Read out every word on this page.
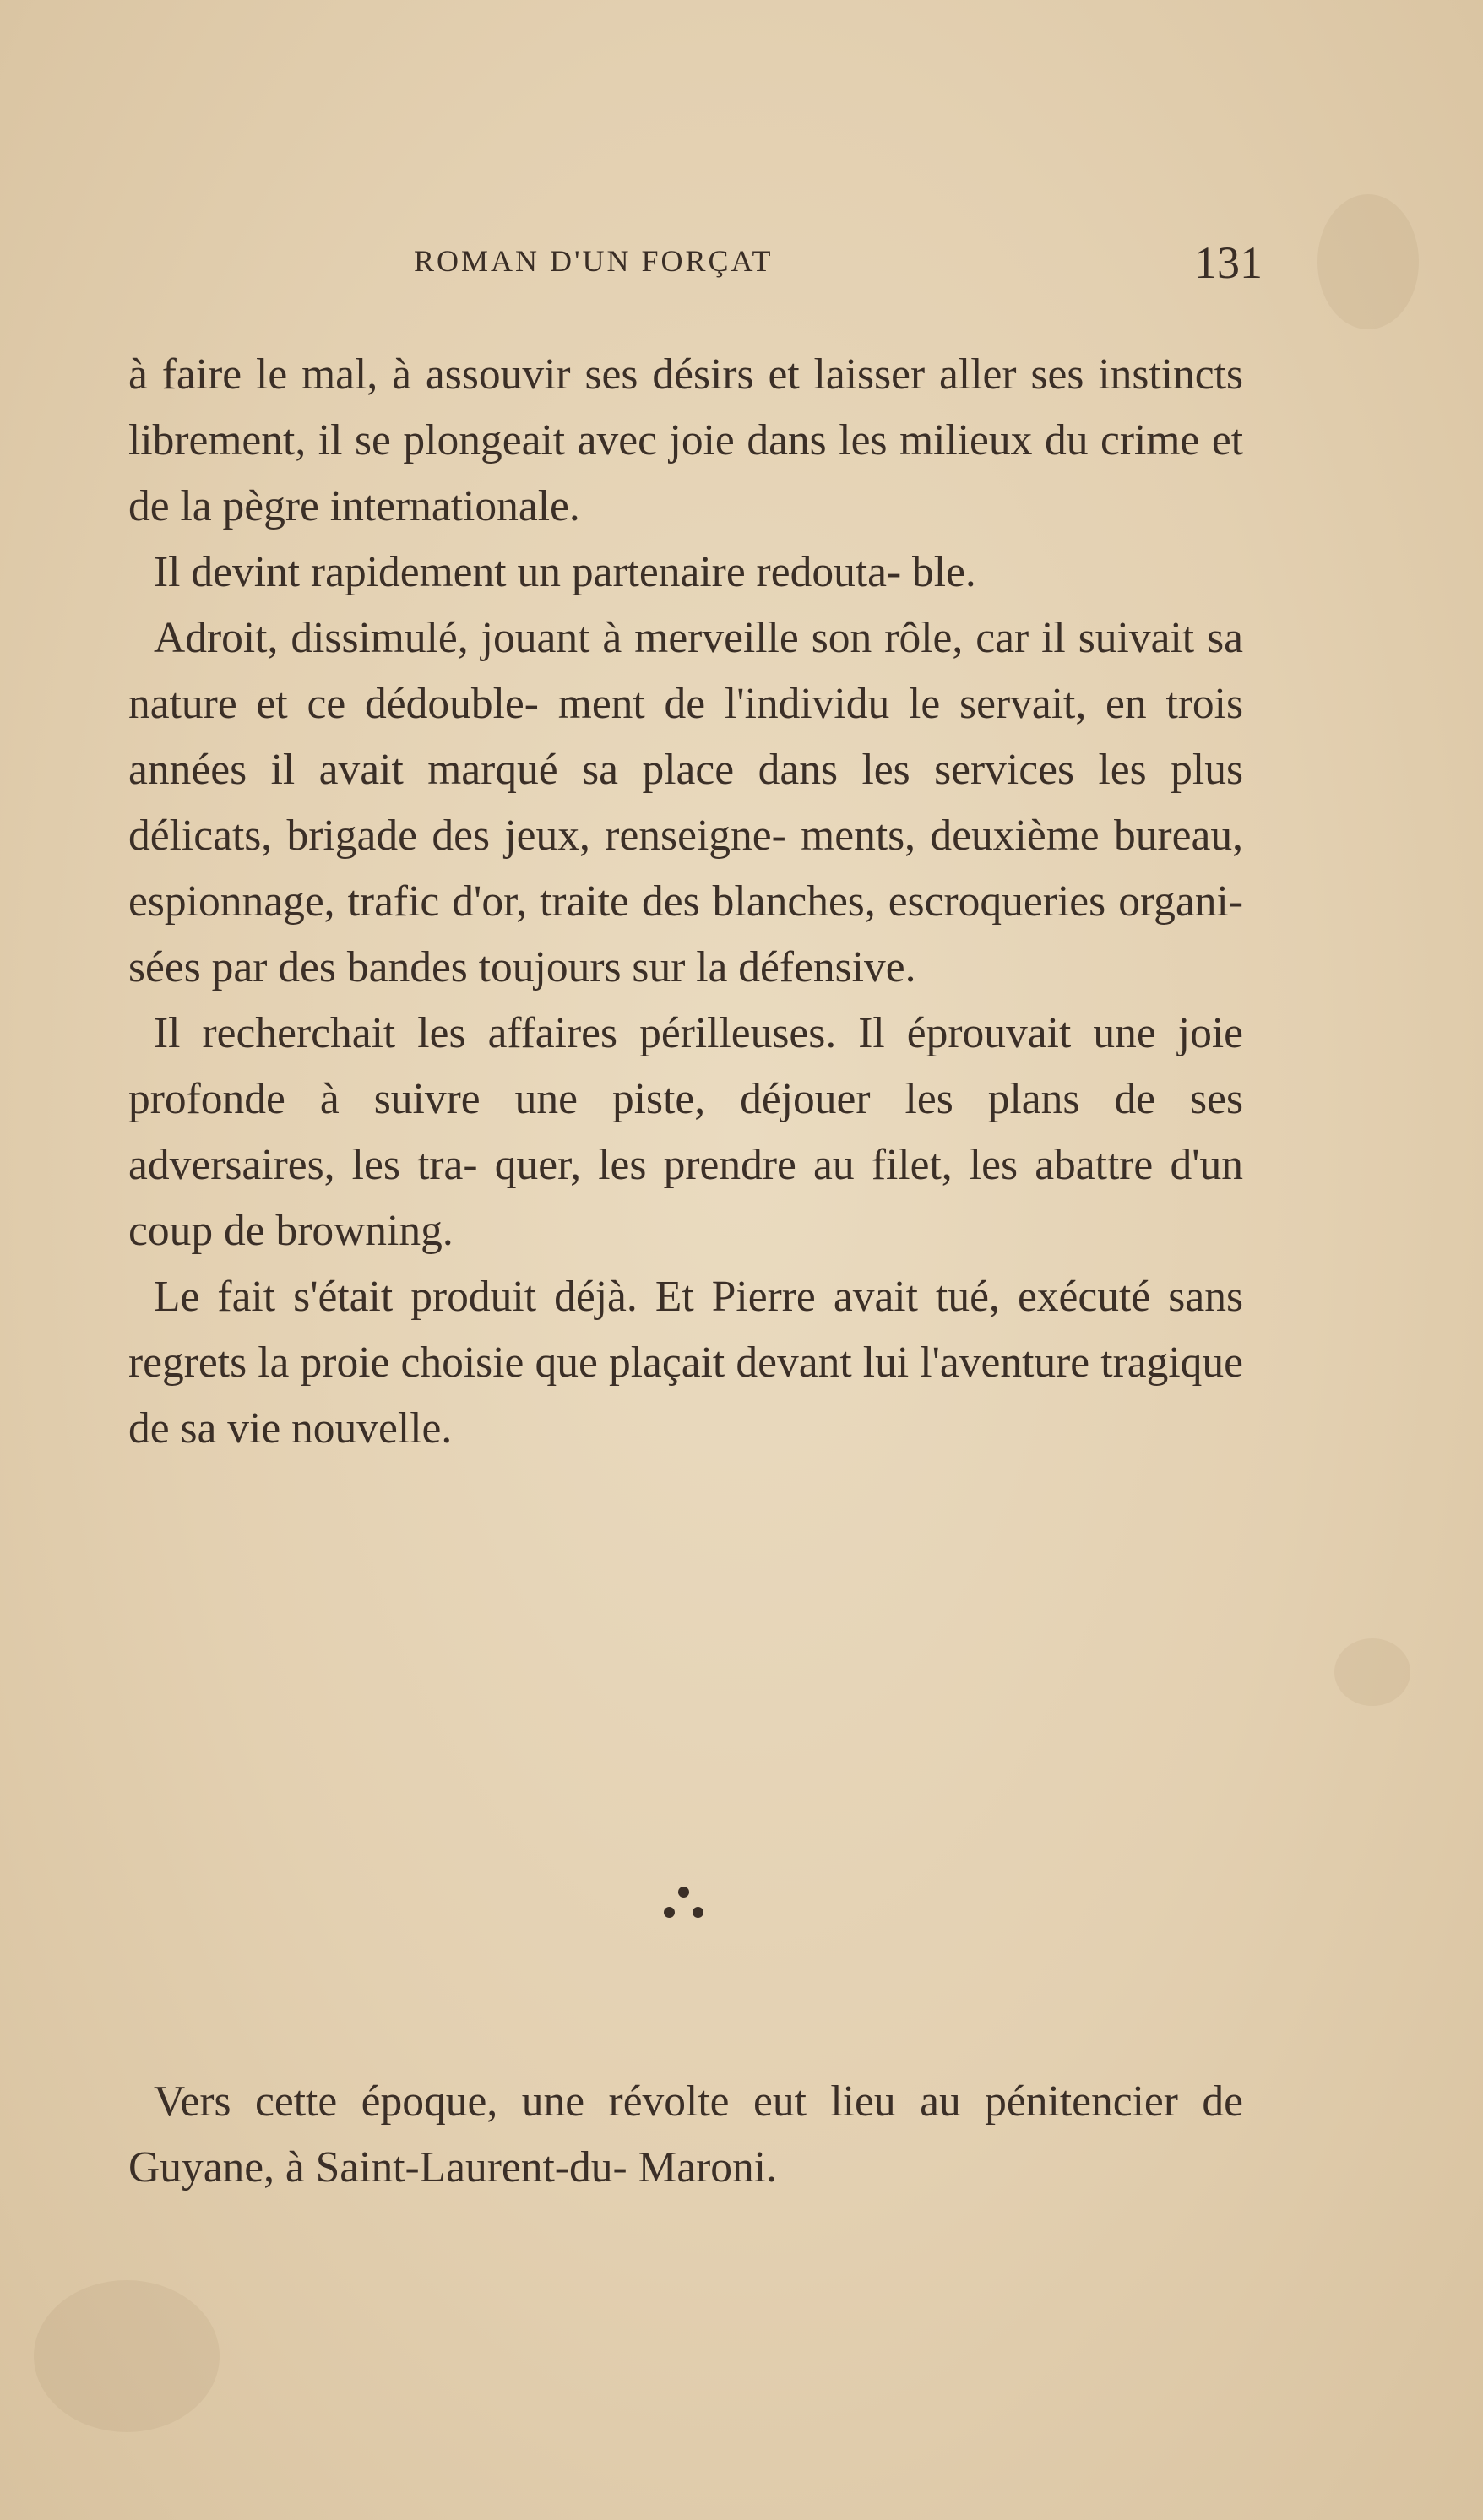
ROMAN D'UN FORÇAT	131

à faire le mal, à assouvir ses désirs et laisser aller ses instincts librement, il se plongeait avec joie dans les milieux du crime et de la pègre internationale.

Il devint rapidement un partenaire redouta- ble.

Adroit, dissimulé, jouant à merveille son rôle, car il suivait sa nature et ce dédouble- ment de l'individu le servait, en trois années il avait marqué sa place dans les services les plus délicats, brigade des jeux, renseigne- ments, deuxième bureau, espionnage, trafic d'or, traite des blanches, escroqueries organi- sées par des bandes toujours sur la défensive.

Il recherchait les affaires périlleuses. Il éprouvait une joie profonde à suivre une piste, déjouer les plans de ses adversaires, les tra- quer, les prendre au filet, les abattre d'un coup de browning.

Le fait s'était produit déjà. Et Pierre avait tué, exécuté sans regrets la proie choisie que plaçait devant lui l'aventure tragique de sa vie nouvelle.

Vers cette époque, une révolte eut lieu au pénitencier de Guyane, à Saint-Laurent-du- Maroni.
